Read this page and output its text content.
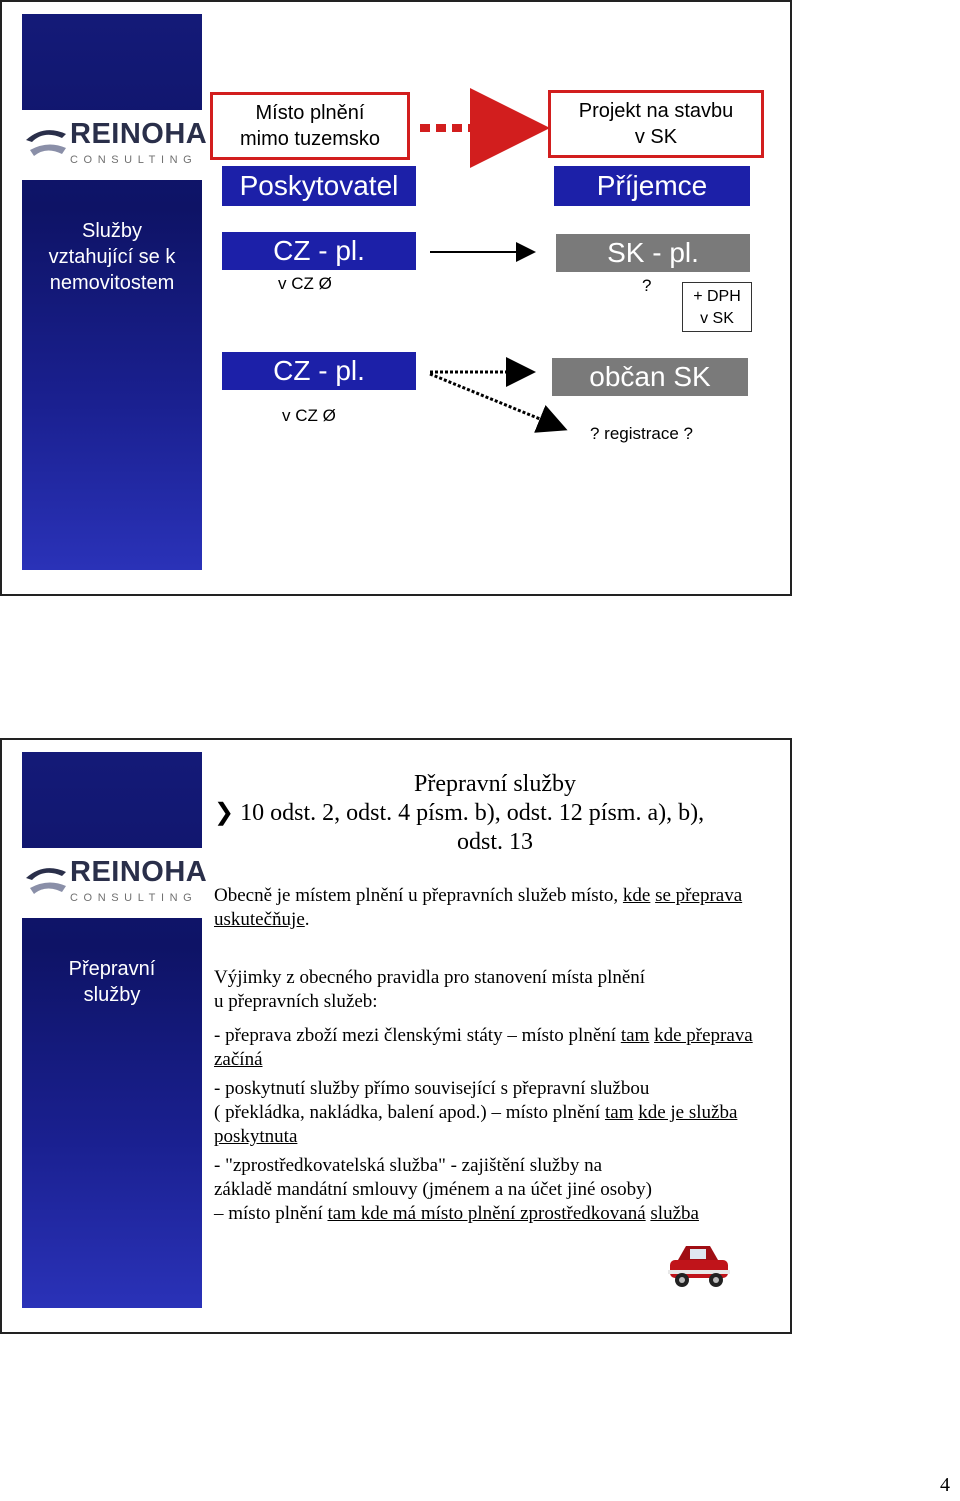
REINOHA
CONSULTING
Služby
vztahující se k
nemovitostem
Místo plnění
mimo tuzemsko
Projekt na stavbu
v SK
Poskytovatel	Příjemce
CZ - pl.
v CZ Ø
SK - pl.
?
+ DPH
v SK
CZ - pl.
v CZ Ø
občan SK
? registrace ?
REINOHA
CONSULTING
Přepravní
služby
Přepravní služby
❯ 10 odst. 2, odst. 4 písm. b), odst. 12 písm. a), b),
odst. 13
Obecně je místem plnění u přepravních služeb místo, kde se přeprava uskutečňuje.
Výjimky z obecného pravidla pro stanovení místa plnění
u přepravních služeb:
- přeprava zboží mezi členskými státy – místo plnění tam kde přeprava začíná
- poskytnutí služby přímo související s přepravní službou
( překládka, nakládka, balení apod.) – místo plnění tam kde je služba poskytnuta
- "zprostředkovatelská služba" - zajištění služby na
základě mandátní smlouvy (jménem a na účet jiné osoby)
– místo plnění tam kde má místo plnění zprostředkovaná služba
4
